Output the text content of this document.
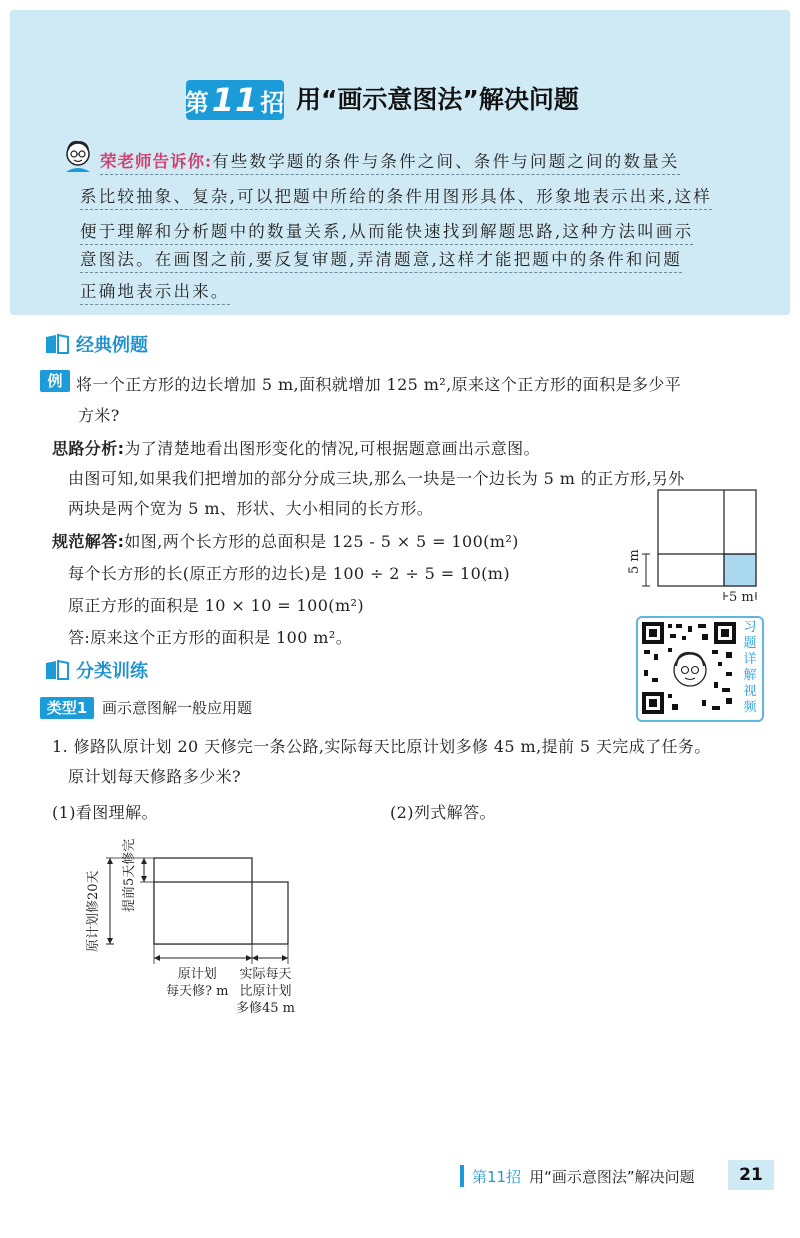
第 11 招 用“画示意图法”解决问题
荣老师告诉你:有些数学题的条件与条件之间、条件与问题之间的数量关
系比较抽象、复杂,可以把题中所给的条件用图形具体、形象地表示出来,这样
便于理解和分析题中的数量关系,从而能快速找到解题思路,这种方法叫画示
意图法。在画图之前,要反复审题,弄清题意,这样才能把题中的条件和问题
正确地表示出来。
经典例题
例 将一个正方形的边长增加 5 m,面积就增加 125 m²,原来这个正方形的面积是多少平
方米?
思路分析:为了清楚地看出图形变化的情况,可根据题意画出示意图。
由图可知,如果我们把增加的部分分成三块,那么一块是一个边长为 5 m 的正方形,另外
两块是两个宽为 5 m、形状、大小相同的长方形。
规范解答:如图,两个长方形的总面积是 125 - 5 × 5 = 100(m²)
每个长方形的长(原正方形的边长)是 100 ÷ 2 ÷ 5 = 10(m)
原正方形的面积是 10 × 10 = 100(m²)
答:原来这个正方形的面积是 100 m²。
5 m
5 m
习
题
详
解
视
频
分类训练
类型1 画示意图解一般应用题
1. 修路队原计划 20 天修完一条公路,实际每天比原计划多修 45 m,提前 5 天完成了任务。
原计划每天修路多少米?
(1)看图理解。	(2)列式解答。
原计划修20天	提前5天修完
原计划
每天修? m
实际每天
比原计划
多修45 m
第11招 用“画示意图法”解决问题	21
